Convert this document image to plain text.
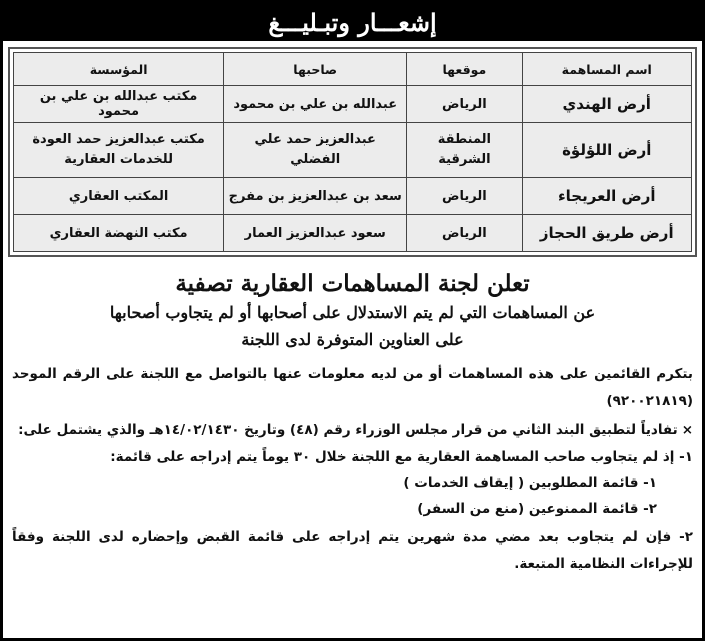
إشعـــار وتبـليـــغ
اسم المساهمة	موقعها	صاحبها	المؤسسة
أرض الهندي	الرياض	عبدالله بن علي بن محمود	مكتب عبدالله بن علي بن محمود
أرض اللؤلؤة	المنطقة الشرقية	عبدالعزيز حمد علي الفضلي	مكتب عبدالعزيز حمد العودة للخدمات العقارية
أرض العريجاء	الرياض	سعد بن عبدالعزيز بن مفرج	المكتب العقاري
أرض طريق الحجاز	الرياض	سعود عبدالعزيز العمار	مكتب النهضة العقاري
تعلن لجنة المساهمات العقارية تصفية
عن المساهمات التي لم يتم الاستدلال على أصحابها أو لم يتجاوب أصحابها
على العناوين المتوفرة لدى اللجنة
بتكرم القائمين على هذه المساهمات أو من لديه معلومات عنها بالتواصل مع اللجنة على الرقم الموحد (٩٢٠٠٢١٨١٩)
×تفادياً لتطبيق البند الثاني من قرار مجلس الوزراء رقم (٤٨) وتاريخ ١٤/٠٢/١٤٣٠هـ والذي يشتمل على:
١- إذ لم يتجاوب صاحب المساهمة العقارية مع اللجنة خلال ٣٠ يوماً يتم إدراجه على قائمة:
١- قائمة المطلوبين ( إيقاف الخدمات )
٢- قائمة الممنوعين (منع من السفر)
٢- فإن لم يتجاوب بعد مضي مدة شهرين يتم إدراجه على قائمة القبض وإحضاره لدى اللجنة وفقاً للإجراءات النظامية المتبعة.
